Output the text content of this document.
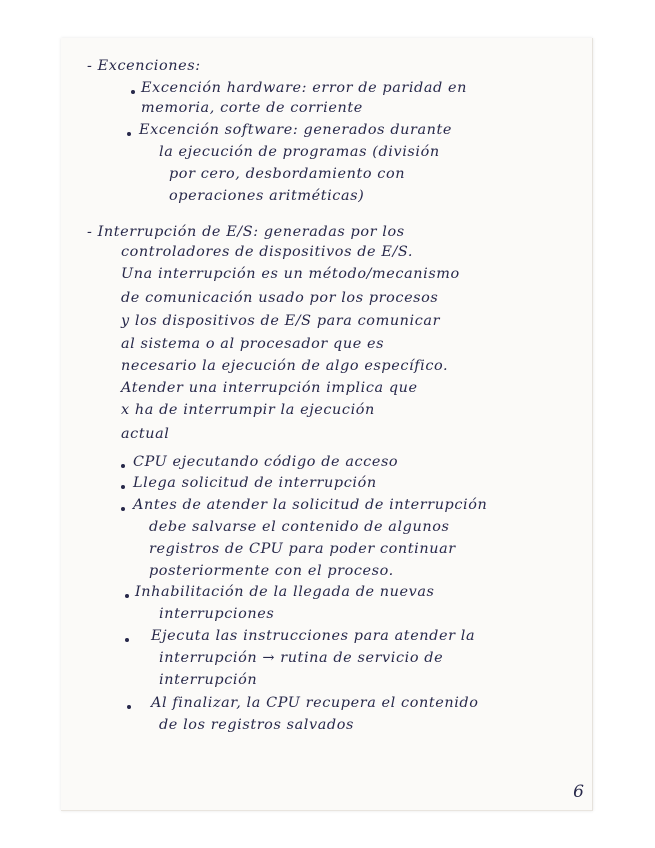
- Excenciones:
Excención hardware: error de paridad en
memoria, corte de corriente
Excención software: generados durante
la ejecución de programas (división
por cero, desbordamiento con
operaciones aritméticas)
- Interrupción de E/S: generadas por los
controladores de dispositivos de E/S.
Una interrupción es un método/mecanismo
de comunicación usado por los procesos
y los dispositivos de E/S para comunicar
al sistema o al procesador que es
necesario la ejecución de algo específico.
Atender una interrupción implica que
x ha de interrumpir la ejecución
actual
CPU ejecutando código de acceso
Llega solicitud de interrupción
Antes de atender la solicitud de interrupción
debe salvarse el contenido de algunos
registros de CPU para poder continuar
posteriormente con el proceso.
Inhabilitación de la llegada de nuevas
interrupciones
Ejecuta las instrucciones para atender la
interrupción → rutina de servicio de
interrupción
Al finalizar, la CPU recupera el contenido
de los registros salvados
6
